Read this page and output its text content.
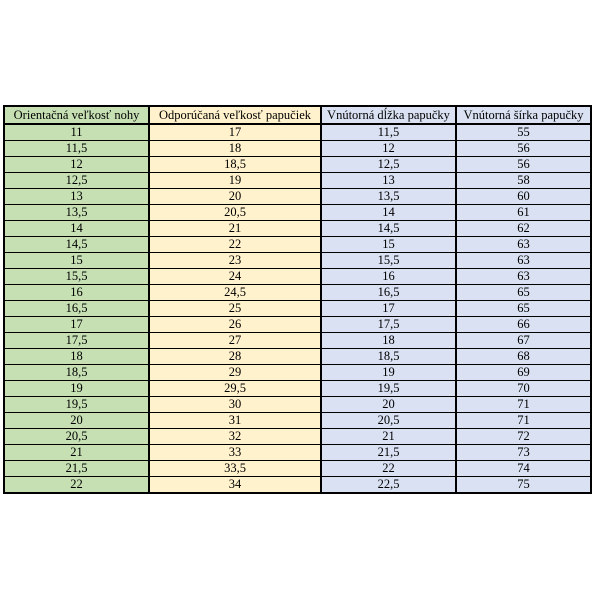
Orientačná veľkosť nohy	Odporúčaná veľkosť papučiek	Vnútorná dĺžka papučky	Vnútorná šírka papučky
11	17	11,5	55
11,5	18	12	56
12	18,5	12,5	56
12,5	19	13	58
13	20	13,5	60
13,5	20,5	14	61
14	21	14,5	62
14,5	22	15	63
15	23	15,5	63
15,5	24	16	63
16	24,5	16,5	65
16,5	25	17	65
17	26	17,5	66
17,5	27	18	67
18	28	18,5	68
18,5	29	19	69
19	29,5	19,5	70
19,5	30	20	71
20	31	20,5	71
20,5	32	21	72
21	33	21,5	73
21,5	33,5	22	74
22	34	22,5	75
